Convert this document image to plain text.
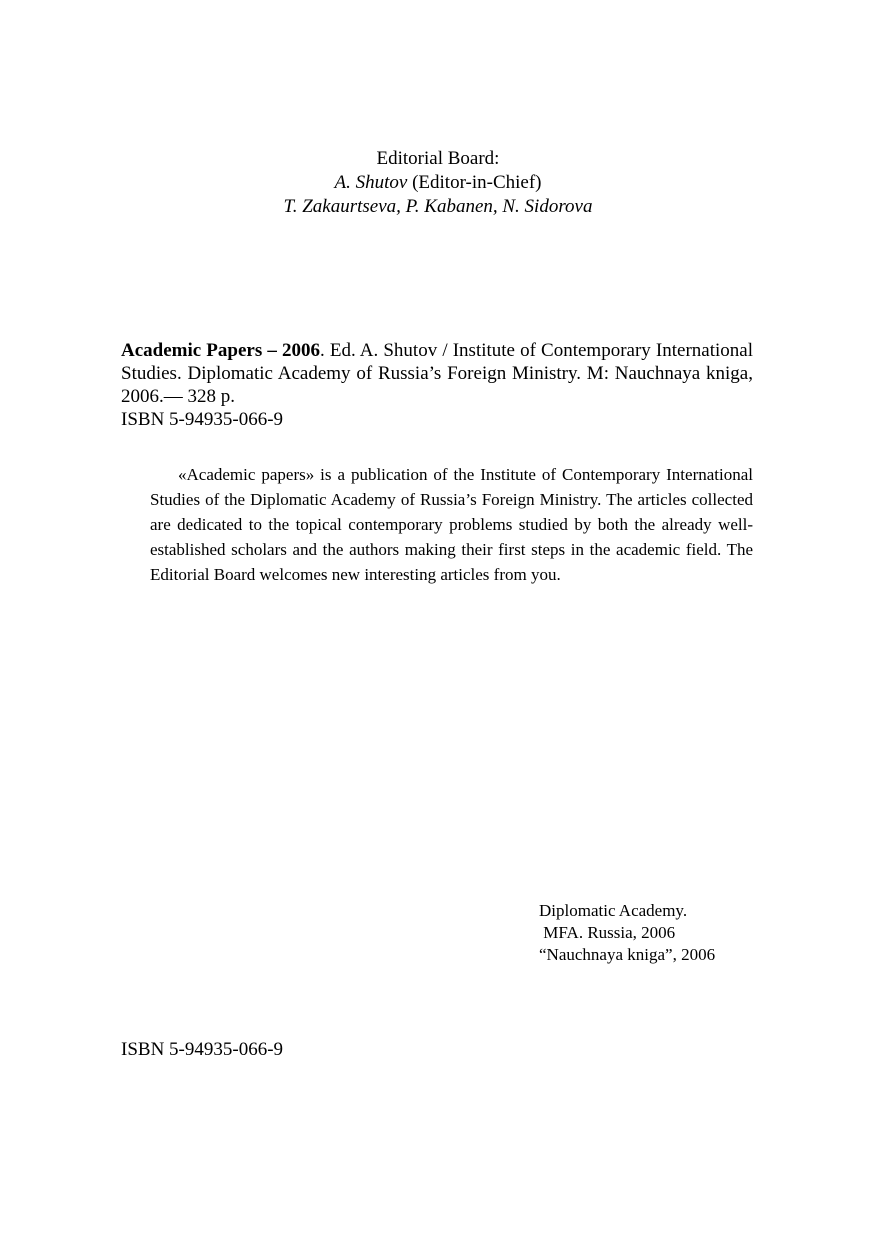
Editorial Board:
A. Shutov (Editor-in-Chief)
T. Zakaurtseva, P. Kabanen, N. Sidorova
Academic Papers – 2006. Ed. A. Shutov / Institute of Contemporary International Studies. Diplomatic Academy of Russia’s Foreign Ministry. M: Nauchnaya kniga, 2006.— 328 p.
ISBN 5-94935-066-9
«Academic papers» is a publication of the Institute of Contemporary International Studies of the Diplomatic Academy of Russia’s Foreign Ministry. The articles collected are dedicated to the topical contemporary problems studied by both the already well-established scholars and the authors making their first steps in the academic field. The Editorial Board welcomes new interesting articles from you.
Diplomatic Academy.
MFA. Russia, 2006
“Nauchnaya kniga”, 2006
ISBN 5-94935-066-9
